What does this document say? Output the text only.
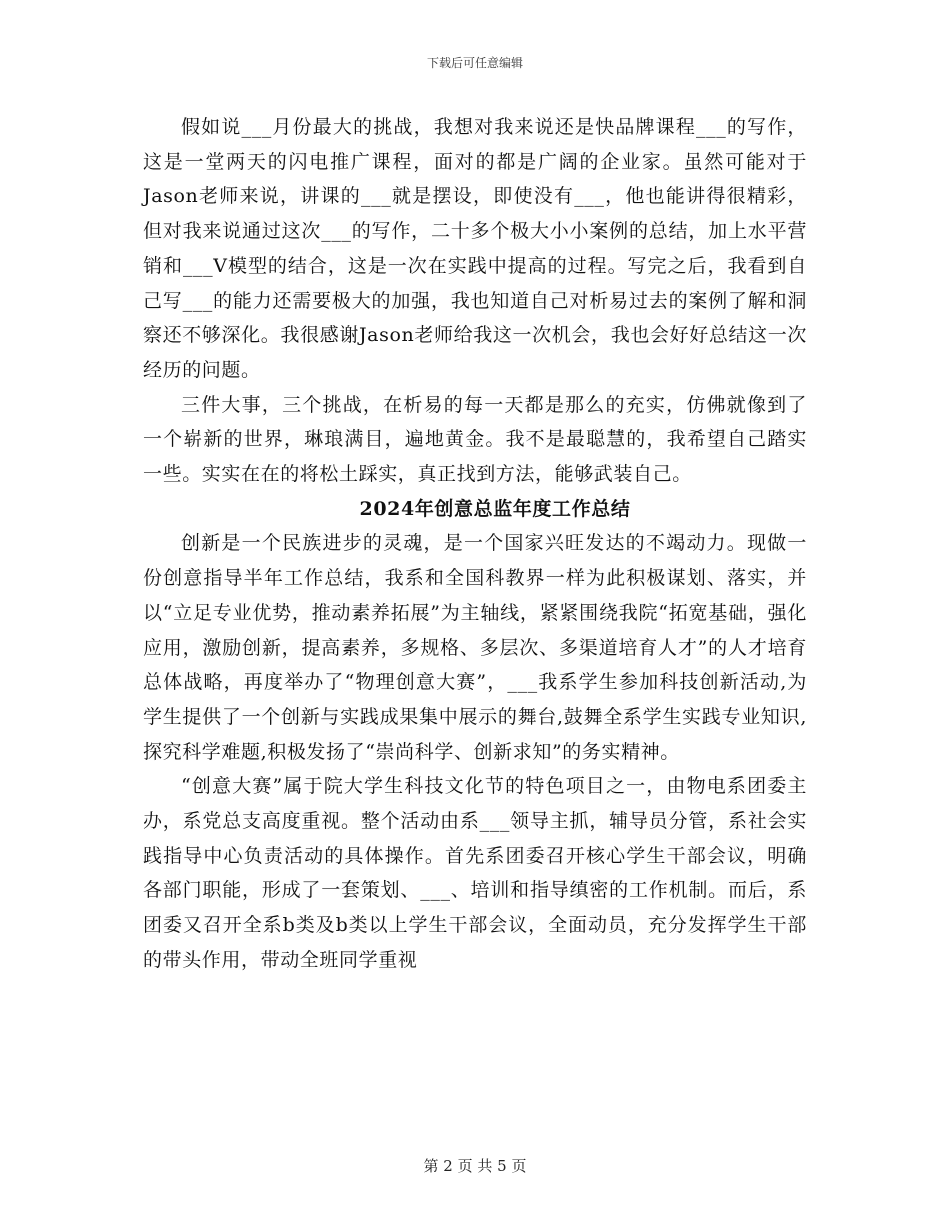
下载后可任意编辑

假如说___月份最大的挑战，我想对我来说还是快品牌课程___的写作，这是一堂两天的闪电推广课程，面对的都是广阔的企业家。虽然可能对于Jason老师来说，讲课的___就是摆设，即使没有___，他也能讲得很精彩，但对我来说通过这次___的写作，二十多个极大小小案例的总结，加上水平营销和___V模型的结合，这是一次在实践中提高的过程。写完之后，我看到自己写___的能力还需要极大的加强，我也知道自己对析易过去的案例了解和洞察还不够深化。我很感谢Jason老师给我这一次机会，我也会好好总结这一次经历的问题。

三件大事，三个挑战，在析易的每一天都是那么的充实，仿佛就像到了一个崭新的世界，琳琅满目，遍地黄金。我不是最聪慧的，我希望自己踏实一些。实实在在的将松土踩实，真正找到方法，能够武装自己。

2024年创意总监年度工作总结

创新是一个民族进步的灵魂，是一个国家兴旺发达的不竭动力。现做一份创意指导半年工作总结，我系和全国科教界一样为此积极谋划、落实，并以“立足专业优势，推动素养拓展”为主轴线，紧紧围绕我院“拓宽基础，强化应用，激励创新，提高素养，多规格、多层次、多渠道培育人才”的人才培育总体战略，再度举办了“物理创意大赛”，___我系学生参加科技创新活动,为学生提供了一个创新与实践成果集中展示的舞台,鼓舞全系学生实践专业知识,探究科学难题,积极发扬了“崇尚科学、创新求知”的务实精神。

“创意大赛”属于院大学生科技文化节的特色项目之一，由物电系团委主办，系党总支高度重视。整个活动由系___领导主抓，辅导员分管，系社会实践指导中心负责活动的具体操作。首先系团委召开核心学生干部会议，明确各部门职能，形成了一套策划、___、培训和指导缜密的工作机制。而后，系团委又召开全系b类及b类以上学生干部会议，全面动员，充分发挥学生干部的带头作用，带动全班同学重视

第 2 页 共 5 页
